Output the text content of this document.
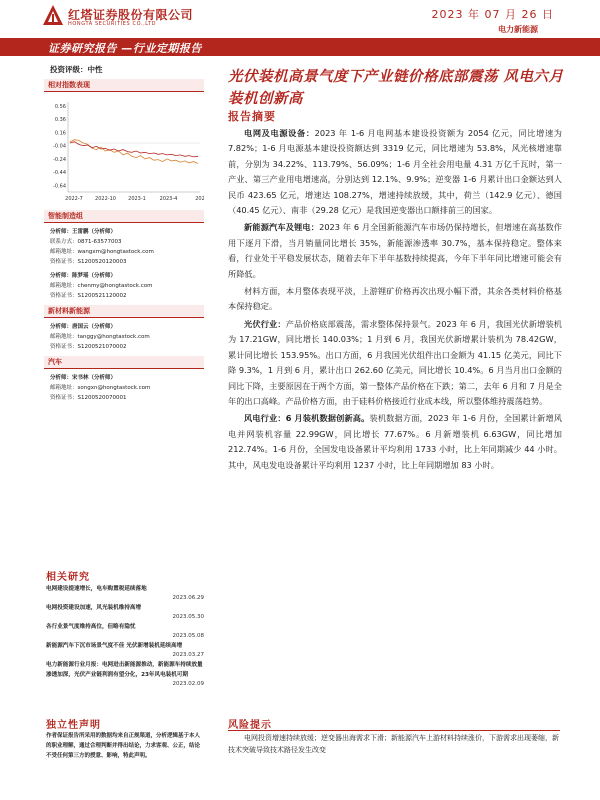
红塔证券股份有限公司
HONGTA SECURITIES CO.,LTD
2023 年 07 月 26 日
电力新能源
证券研究报告 —行业定期报告
投资评级：中性
相对指数表现
0.56
0.36
0.16
-0.04
-0.24
-0.44
-0.64
2022-7 2022-10 2023-1	2023-4	202
智能制造组
分析师：王雷鹏（分析师）
联系方式：0871-63577003
邮箱地址：wangxm@hongtastock.com
资格证书：S1200520120003
分析师：陈梦瑶（分析师）
邮箱地址：chenmy@hongtastock.com
资格证书：S1200521120002
新材料新能源
分析师：唐国云（分析师）
邮箱地址：tanggy@hongtastock.com
资格证书：S1200521070002
汽车
分析师：宋书林（分析师）
邮箱地址：songxn@hongtastock.com
资格证书：S1200520070001
相关研究
电网建设提速增长，电车购置税延续落地
2023.06.29
电网投资建设加速，风光装机维持高增
2023.05.30
各行业景气度维持高位，但略有隐忧
2023.05.08
新能源汽车下沉市场景气度不佳 光伏新增装机延续高增
2023.03.27
电力新能源行业月报：电网进击新能源推动，新能源车持续放量渗透加深，光伏产业链利润有望分化，23年风电装机可期
2023.02.09
独立性声明
作者保证报告所采用的数据均来自正规渠道，分析逻辑基于本人的职业理解，通过合理判断并得出结论，力求客观、公正，结论不受任何第三方的授意、影响，特此声明。
光伏装机高景气度下产业链价格底部震荡 风电六月装机创新高
报告摘要
电网及电源设备：2023 年 1-6 月电网基本建设投资额为 2054 亿元，同比增速为 7.82%；1-6 月电源基本建设投资额达到 3319 亿元，同比增速为 53.8%，风光核增速靠前，分别为 34.22%、113.79%、56.09%；1-6 月全社会用电量 4.31 万亿千瓦时，第一产业、第三产业用电增速高，分别达到 12.1%、9.9%；逆变器 1-6 月累计出口金额达到人民币 423.65 亿元，增速达 108.27%，增速持续放缓，其中，荷兰（142.9 亿元）、德国（40.45 亿元）、南非（29.28 亿元）是我国逆变器出口额排前三的国家。
新能源汽车及锂电：2023 年 6 月全国新能源汽车市场仍保持增长，但增速在高基数作用下逐月下滑，当月销量同比增长 35%，新能源渗透率 30.7%，基本保持稳定。整体来看，行业处于平稳发展状态，随着去年下半年基数持续提高，今年下半年同比增速可能会有所降低。
材料方面，本月整体表现平淡，上游锂矿价格再次出现小幅下滑，其余各类材料价格基本保持稳定。
光伏行业：产品价格底部震荡，需求整体保持景气。2023 年 6 月，我国光伏新增装机为 17.21GW，同比增长 140.03%；1 月到 6 月，我国光伏新增累计装机为 78.42GW，累计同比增长 153.95%。出口方面，6 月我国光伏组件出口金额为 41.15 亿美元，同比下降 9.3%，1 月到 6 月，累计出口 262.60 亿美元，同比增长 10.4%。6 月当月出口金额的同比下降，主要原因在于两个方面，第一整体产品价格在下跌；第二，去年 6 月和 7 月是全年的出口高峰。产品价格方面，由于硅料价格接近行业成本线，所以整体维持震荡趋势。
风电行业：6 月装机数据创新高。装机数据方面，2023 年 1-6 月份，全国累计新增风电并网装机容量 22.99GW，同比增长 77.67%。6 月新增装机 6.63GW，同比增加 212.74%。1-6 月份，全国发电设备累计平均利用 1733 小时，比上年同期减少 44 小时。其中，风电发电设备累计平均利用 1237 小时，比上年同期增加 83 小时。
风险提示
电网投资增速持续放缓；逆变器出海需求下滑；新能源汽车上游材料持续涨价，下游需求出现萎缩，新技术突破导致技术路径发生改变
